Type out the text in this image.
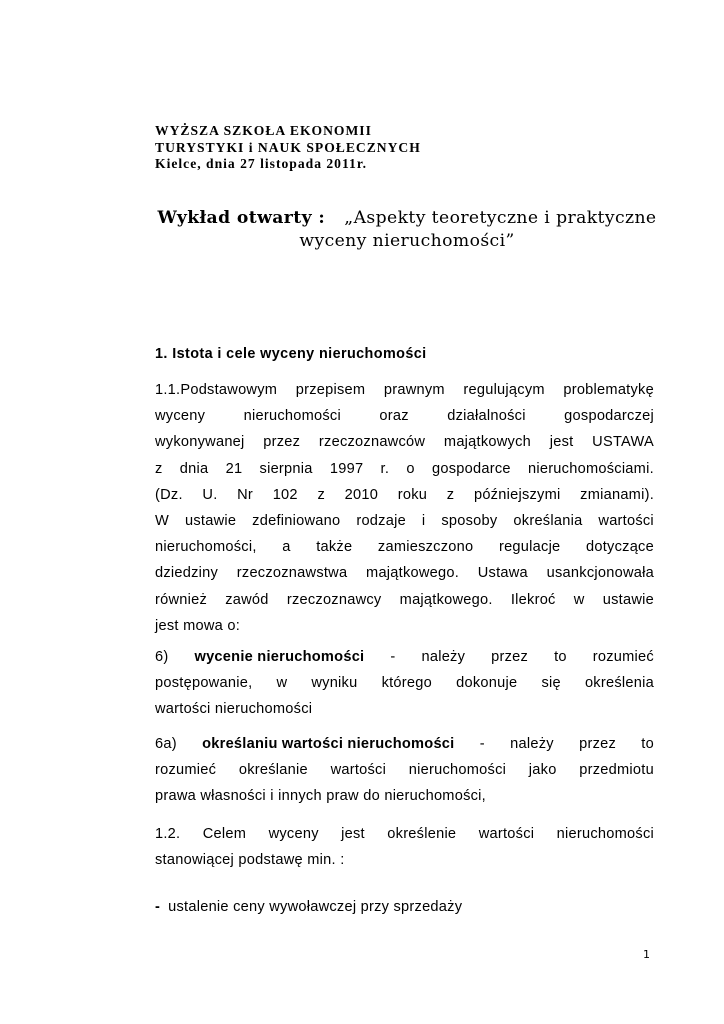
WYŻSZA SZKOŁA EKONOMII
TURYSTYKI i NAUK SPOŁECZNYCH
Kielce, dnia 27 listopada 2011r.
Wykład otwarty : „Aspekty teoretyczne i praktyczne
wyceny nieruchomości”
1. Istota i cele wyceny nieruchomości
1.1.Podstawowym przepisem prawnym regulującym problematykę
wyceny	nieruchomości	oraz	działalności	gospodarczej
wykonywanej przez rzeczoznawców majątkowych jest USTAWA
z dnia 21 sierpnia 1997 r. o gospodarce nieruchomościami.
(Dz. U. Nr 102 z 2010 roku z późniejszymi zmianami).
W ustawie zdefiniowano rodzaje i sposoby określania wartości
nieruchomości, a także zamieszczono regulacje dotyczące
dziedziny rzeczoznawstwa majątkowego. Ustawa usankcjonowała
również zawód rzeczoznawcy majątkowego. Ilekroć w ustawie
jest mowa o:
6) wycenie nieruchomości - należy przez to rozumieć
postępowanie, w wyniku którego dokonuje się określenia
wartości nieruchomości
6a) określaniu wartości nieruchomości - należy przez to
rozumieć określanie wartości nieruchomości jako przedmiotu
prawa własności i innych praw do nieruchomości,
1.2. Celem wyceny jest określenie wartości nieruchomości
stanowiącej podstawę min. :
- ustalenie ceny wywoławczej przy sprzedaży
1
